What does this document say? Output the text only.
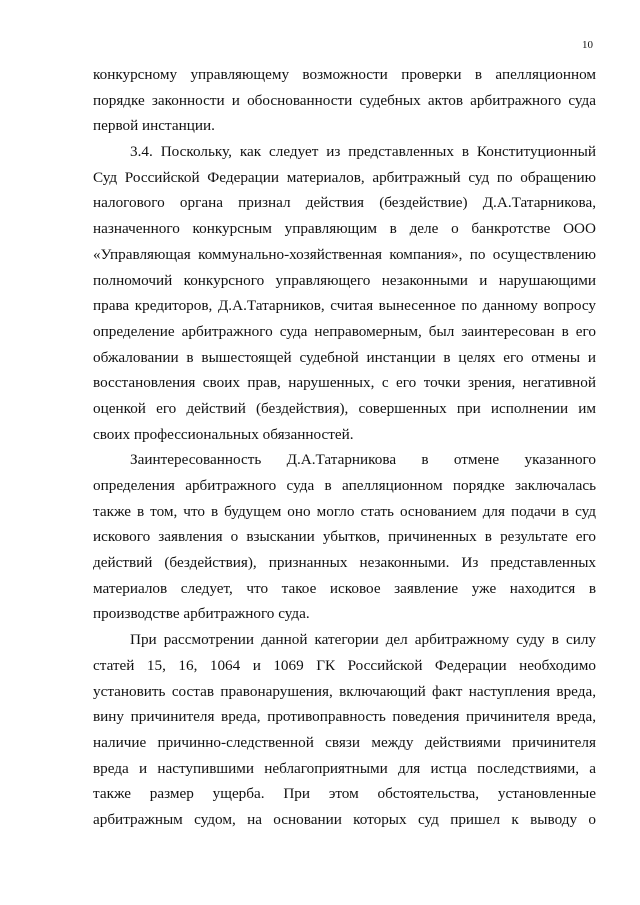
10
конкурсному управляющему возможности проверки в апелляционном
порядке законности и обоснованности судебных актов арбитражного суда
первой инстанции.
3.4. Поскольку, как следует из представленных в Конституционный
Суд Российской Федерации материалов, арбитражный суд по обращению
налогового органа признал действия (бездействие) Д.А.Татарникова,
назначенного конкурсным управляющим в деле о банкротстве ООО
«Управляющая коммунально-хозяйственная компания», по осуществлению
полномочий конкурсного управляющего незаконными и нарушающими
права кредиторов, Д.А.Татарников, считая вынесенное по данному вопросу
определение арбитражного суда неправомерным, был заинтересован в его
обжаловании в вышестоящей судебной инстанции в целях его отмены и
восстановления своих прав, нарушенных, с его точки зрения, негативной
оценкой его действий (бездействия), совершенных при исполнении им
своих профессиональных обязанностей.
Заинтересованность Д.А.Татарникова в отмене указанного
определения арбитражного суда в апелляционном порядке заключалась
также в том, что в будущем оно могло стать основанием для подачи в суд
искового заявления о взыскании убытков, причиненных в результате его
действий (бездействия), признанных незаконными. Из представленных
материалов следует, что такое исковое заявление уже находится в
производстве арбитражного суда.
При рассмотрении данной категории дел арбитражному суду в силу
статей 15, 16, 1064 и 1069 ГК Российской Федерации необходимо
установить состав правонарушения, включающий факт наступления вреда,
вину причинителя вреда, противоправность поведения причинителя вреда,
наличие причинно-следственной связи между действиями причинителя
вреда и наступившими неблагоприятными для истца последствиями, а
также размер ущерба. При этом обстоятельства, установленные
арбитражным судом, на основании которых суд пришел к выводу о
